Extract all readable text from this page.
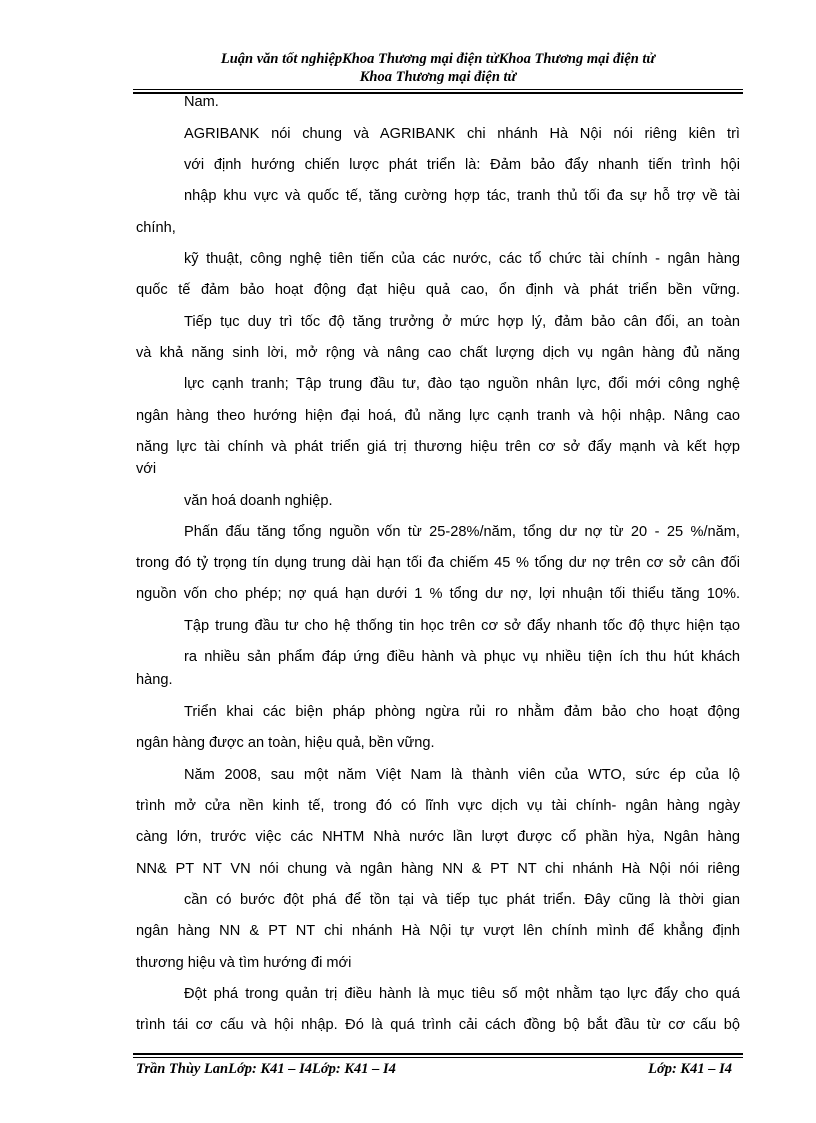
Luận văn tốt nghiệpKhoa Thương mại điện tửKhoa Thương mại điện tử
Khoa Thương mại điện tử
Nam.
AGRIBANK nói chung và AGRIBANK chi nhánh Hà Nội nói riêng kiên trì
với định hướng chiến lược phát triển là: Đảm bảo đẩy nhanh tiến trình hội
nhập khu vực và quốc tế, tăng cường hợp tác, tranh thủ tối đa sự hỗ trợ về tài
chính,
kỹ thuật, công nghệ tiên tiến của các nước, các tổ chức tài chính - ngân hàng
quốc tế đảm bảo hoạt động đạt hiệu quả cao, ổn định và phát triển bền vững.
Tiếp tục duy trì tốc độ tăng trưởng ở mức hợp lý, đảm bảo cân đối, an toàn
và khả năng sinh lời, mở rộng và nâng cao chất lượng dịch vụ ngân hàng đủ năng
lực cạnh tranh; Tập trung đầu tư, đào tạo nguồn nhân lực, đổi mới công nghệ
ngân hàng theo hướng hiện đại hoá, đủ năng lực cạnh tranh và hội nhập. Nâng cao
năng lực tài chính và phát triển giá trị thương hiệu trên cơ sở đẩy mạnh và kết hợp
với
văn hoá doanh nghiệp.
Phấn đấu tăng tổng nguồn vốn từ 25-28%/năm, tổng dư nợ từ 20 - 25 %/năm,
trong đó tỷ trọng tín dụng trung dài hạn tối đa chiếm 45 % tổng dư nợ trên cơ sở cân đối
nguồn vốn cho phép; nợ quá hạn dưới 1 % tổng dư nợ, lợi nhuận tối thiểu tăng 10%.
Tập trung đầu tư cho hệ thống tin học trên cơ sở đẩy nhanh tốc độ thực hiện tạo
ra nhiều sản phẩm đáp ứng điều hành và phục vụ nhiều tiện ích thu hút khách
hàng.
Triển khai các biện pháp phòng ngừa rủi ro nhằm đảm bảo cho hoạt động
ngân hàng được an toàn, hiệu quả, bền vững.
Năm 2008, sau một năm Việt Nam là thành viên của WTO, sức ép của lộ
trình mở cửa nền kinh tế, trong đó có lĩnh vực dịch vụ tài chính- ngân hàng ngày
càng lớn, trước việc các NHTM Nhà nước lần lượt được cổ phần hỳa, Ngân hàng
NN& PT NT VN nói chung và ngân hàng NN & PT NT chi nhánh Hà Nội nói riêng
cần có bước đột phá để tồn tại và tiếp tục phát triển. Đây cũng là thời gian
ngân hàng NN & PT NT chi nhánh Hà Nội tự vượt lên chính mình để khẳng định
thương hiệu và tìm hướng đi mới
Đột phá trong quản trị điều hành là mục tiêu số một nhằm tạo lực đẩy cho quá
trình tái cơ cấu và hội nhập. Đó là quá trình cải cách đồng bộ bắt đầu từ cơ cấu bộ
Trần Thùy LanLớp: K41 – I4Lớp: K41 – I4	Lớp: K41 – I4
